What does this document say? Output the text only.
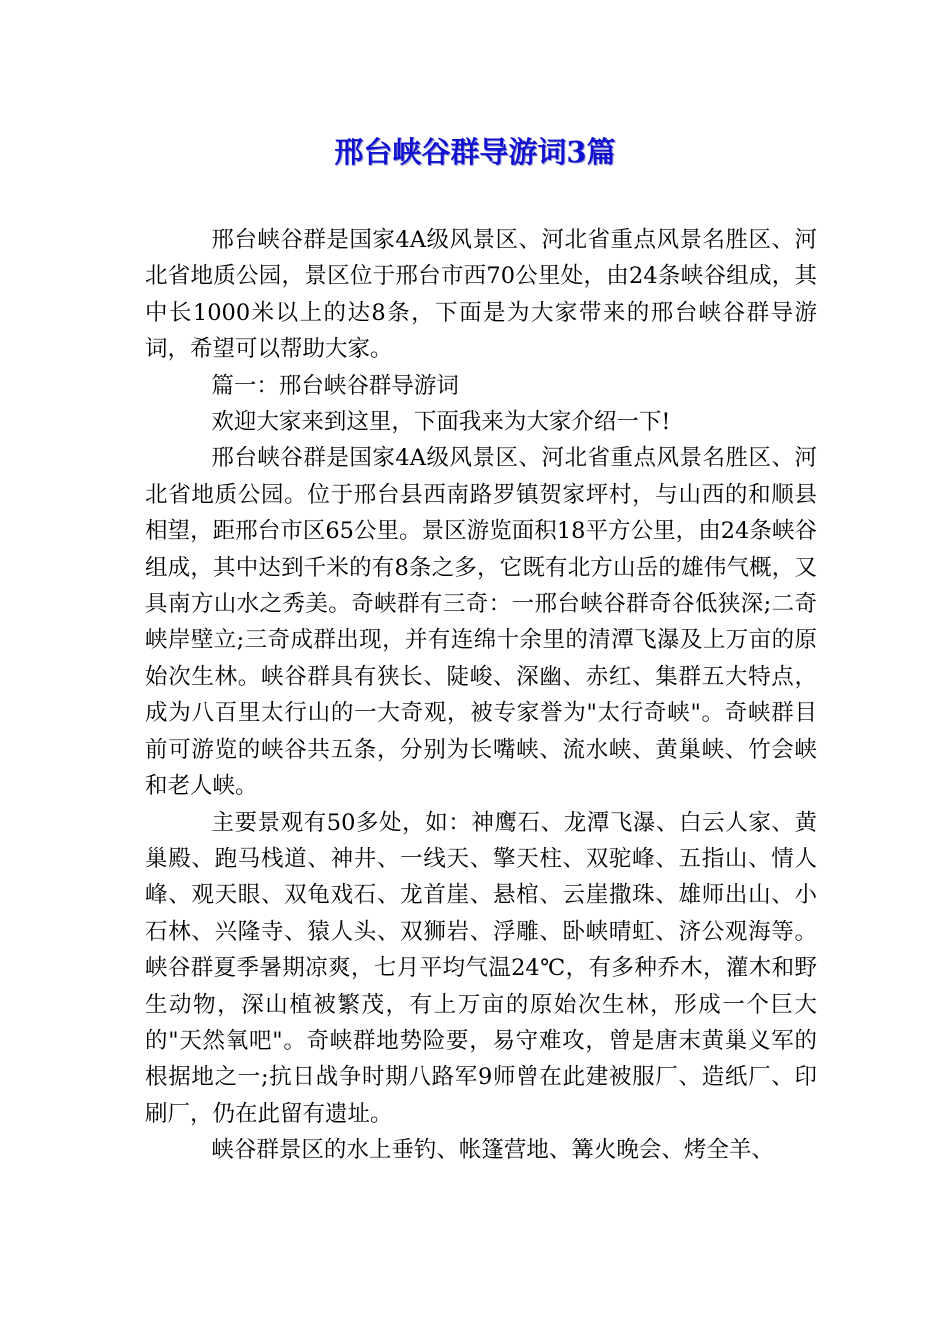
邢台峡谷群导游词3篇

邢台峡谷群是国家4A级风景区、河北省重点风景名胜区、河北省地质公园，景区位于邢台市西70公里处，由24条峡谷组成，其中长1000米以上的达8条，下面是为大家带来的邢台峡谷群导游词，希望可以帮助大家。

篇一：邢台峡谷群导游词

欢迎大家来到这里，下面我来为大家介绍一下!

邢台峡谷群是国家4A级风景区、河北省重点风景名胜区、河北省地质公园。位于邢台县西南路罗镇贺家坪村，与山西的和顺县相望，距邢台市区65公里。景区游览面积18平方公里，由24条峡谷组成，其中达到千米的有8条之多，它既有北方山岳的雄伟气概，又具南方山水之秀美。奇峡群有三奇：一邢台峡谷群奇谷低狭深;二奇峡岸壁立;三奇成群出现，并有连绵十余里的清潭飞瀑及上万亩的原始次生林。峡谷群具有狭长、陡峻、深幽、赤红、集群五大特点，成为八百里太行山的一大奇观，被专家誉为"太行奇峡"。奇峡群目前可游览的峡谷共五条，分别为长嘴峡、流水峡、黄巢峡、竹会峡和老人峡。

主要景观有50多处，如：神鹰石、龙潭飞瀑、白云人家、黄巢殿、跑马栈道、神井、一线天、擎天柱、双驼峰、五指山、情人峰、观天眼、双龟戏石、龙首崖、悬棺、云崖撒珠、雄师出山、小石林、兴隆寺、猿人头、双狮岩、浮雕、卧峡晴虹、济公观海等。峡谷群夏季暑期凉爽，七月平均气温24℃，有多种乔木，灌木和野生动物，深山植被繁茂，有上万亩的原始次生林，形成一个巨大的"天然氧吧"。奇峡群地势险要，易守难攻，曾是唐末黄巢义军的根据地之一;抗日战争时期八路军9师曾在此建被服厂、造纸厂、印刷厂，仍在此留有遗址。

峡谷群景区的水上垂钓、帐篷营地、篝火晚会、烤全羊、
